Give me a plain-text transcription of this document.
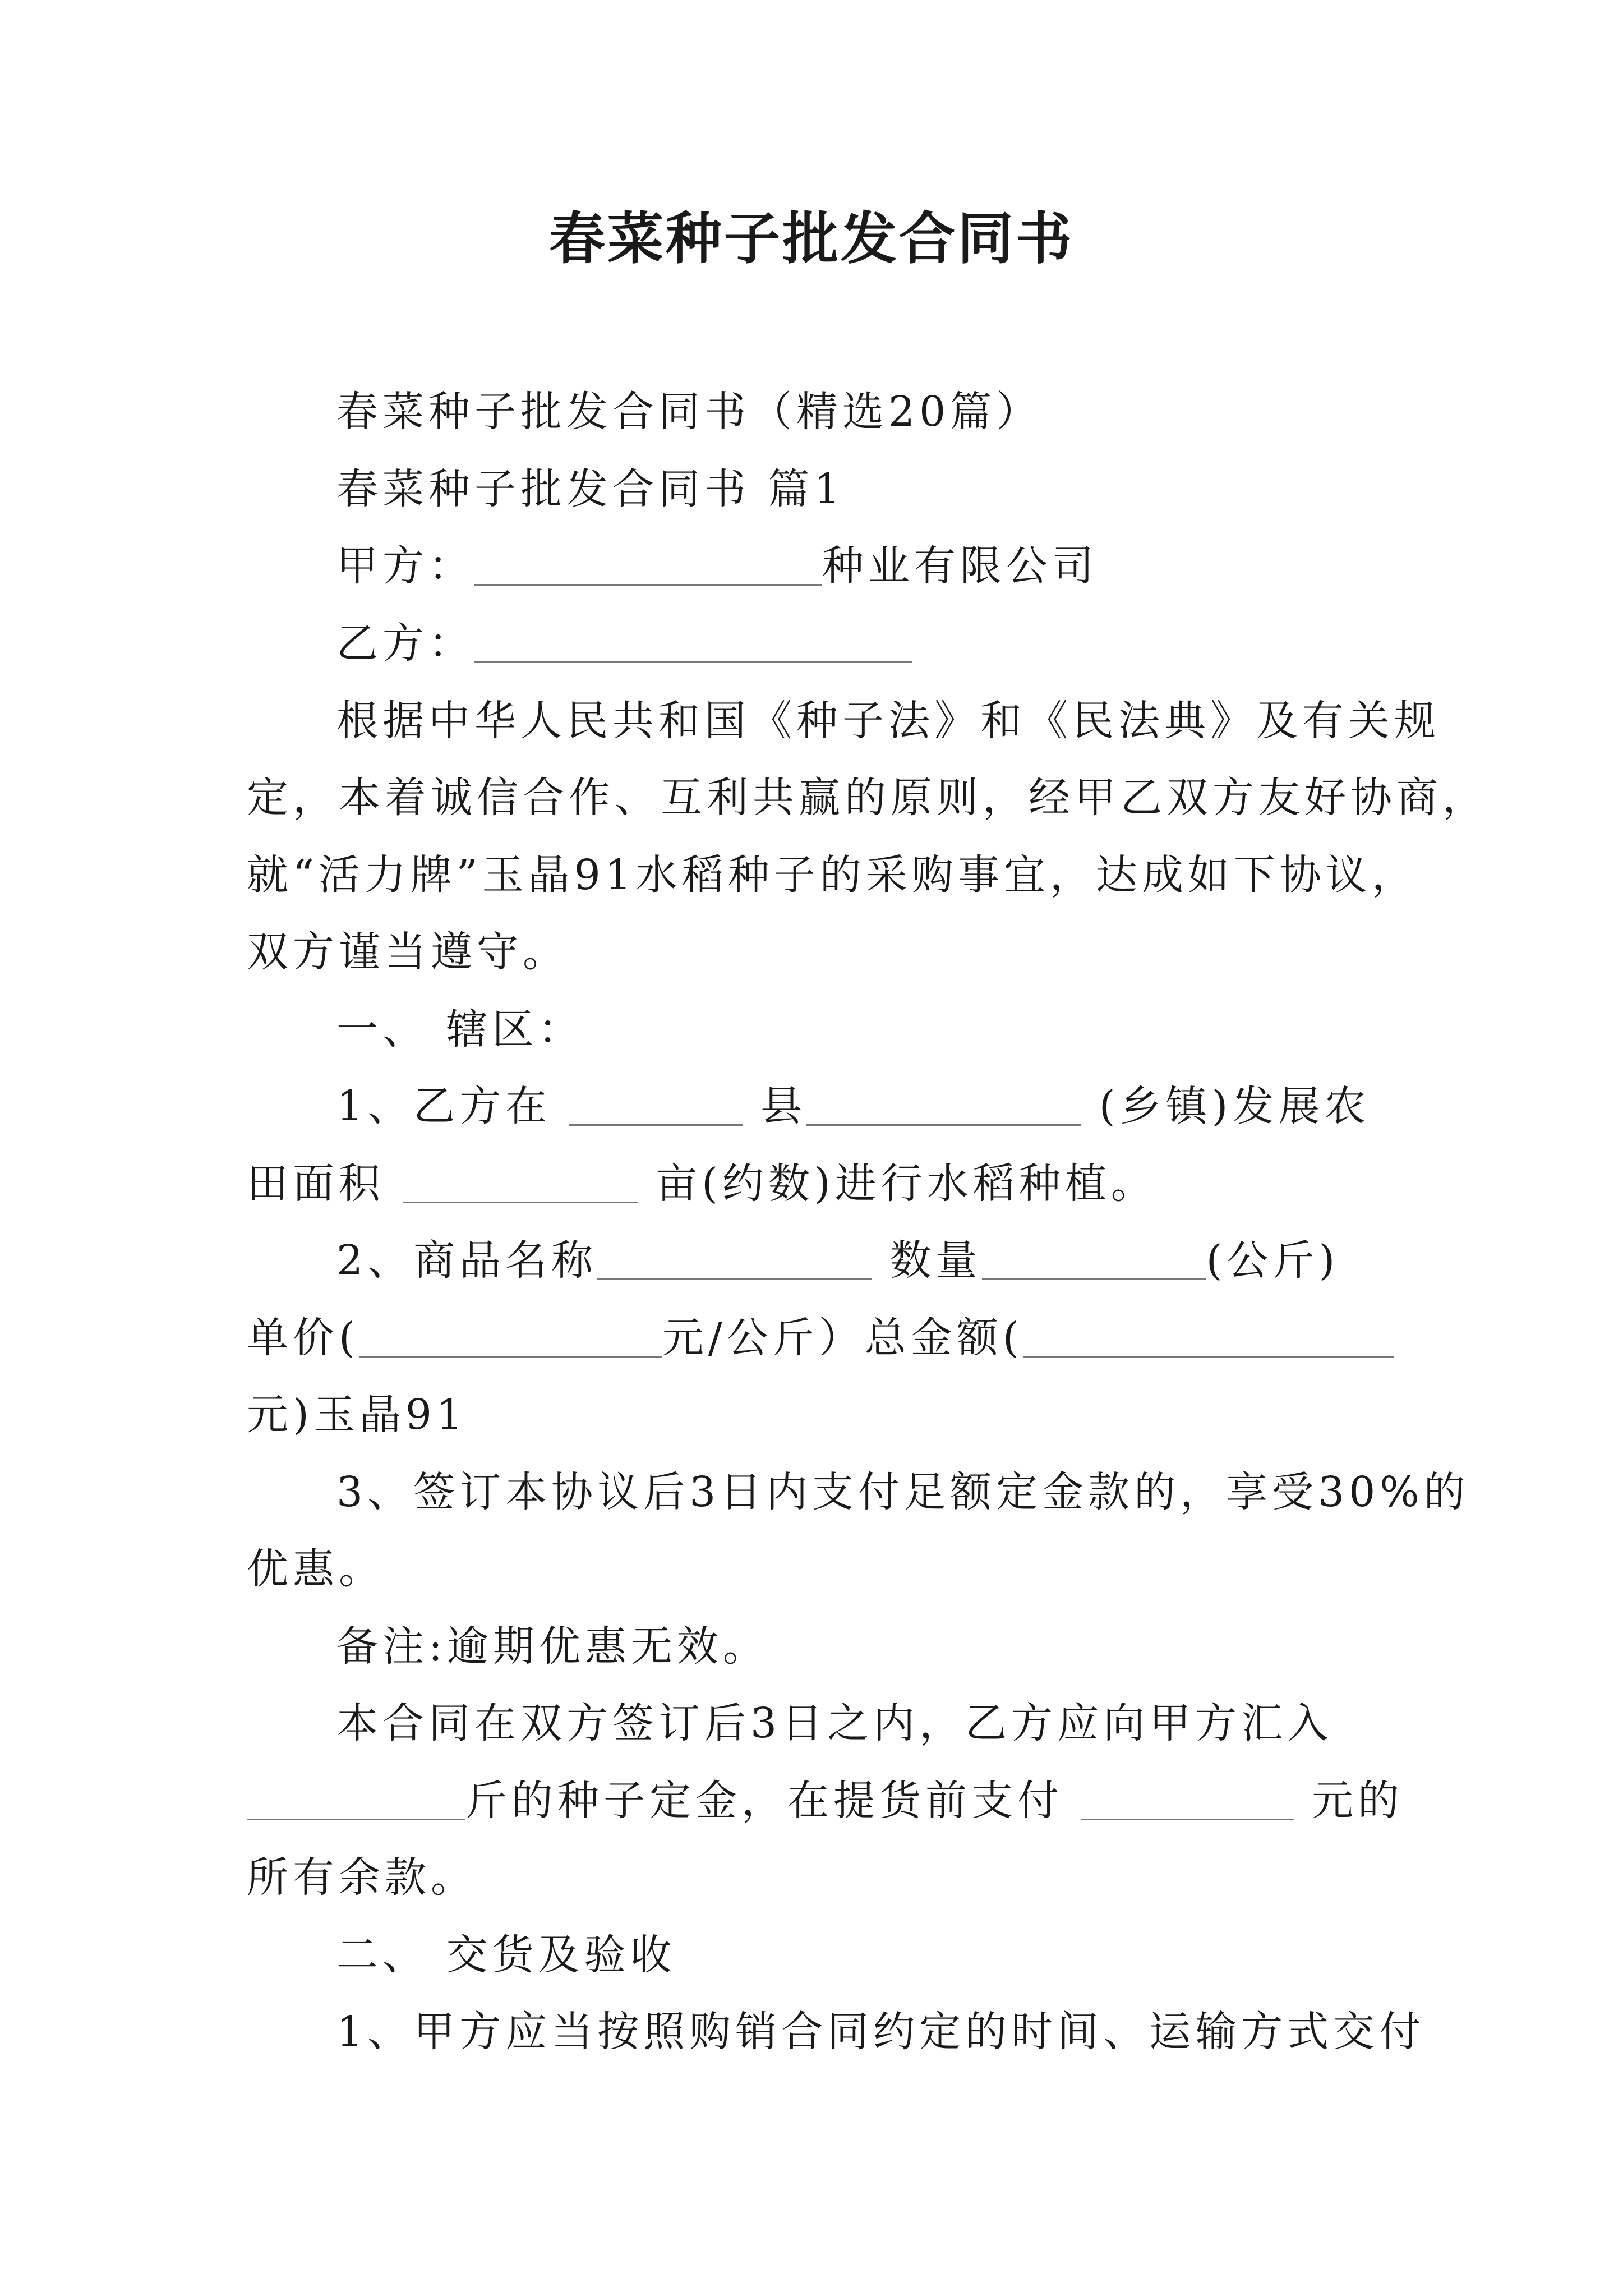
春菜种子批发合同书

春菜种子批发合同书（精选20篇）

春菜种子批发合同书 篇1

甲方：	种业有限公司

乙方：

根据中华人民共和国《种子法》和《民法典》及有关规

定，本着诚信合作、互利共赢的原则，经甲乙双方友好协商，

就“活力牌”玉晶91水稻种子的采购事宜，达成如下协议，

双方谨当遵守。

一、 辖区：

1、乙方在	县	(乡镇)发展农

田面积	亩(约数)进行水稻种植。

2、商品名称	数量	(公斤)

单价(	元/公斤）总金额(

元)玉晶91

3、签订本协议后3日内支付足额定金款的，享受30%的

优惠。

备注:逾期优惠无效。

本合同在双方签订后3日之内，乙方应向甲方汇入

斤的种子定金，在提货前支付	元的

所有余款。

二、 交货及验收

1、甲方应当按照购销合同约定的时间、运输方式交付
